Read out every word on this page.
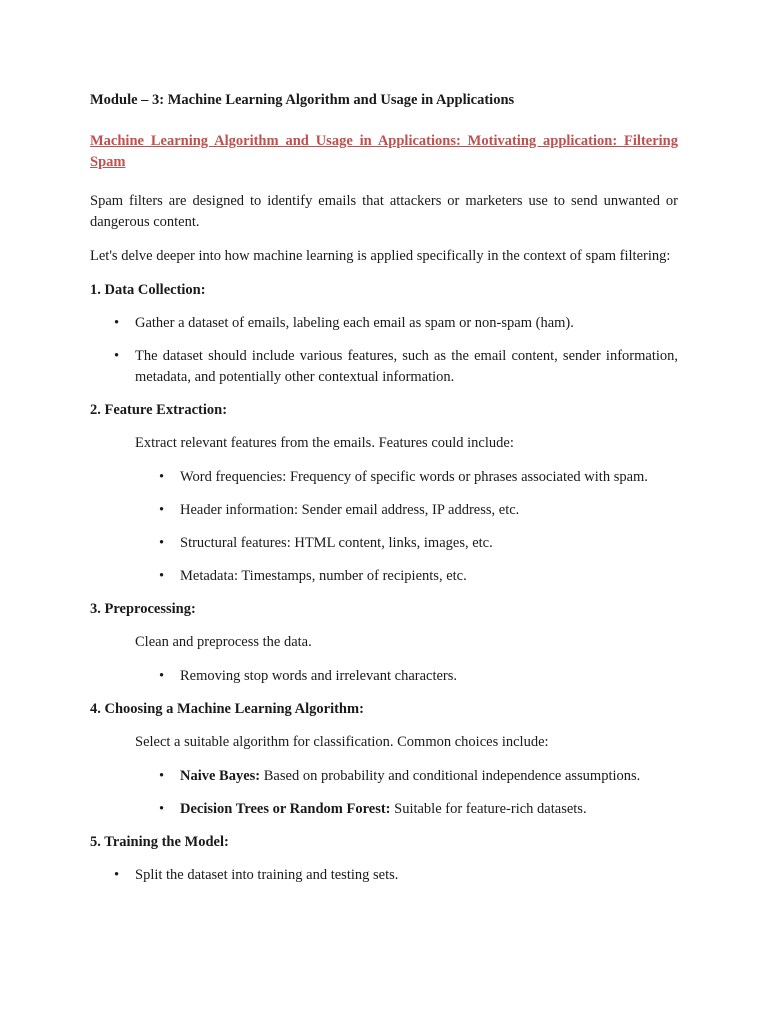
Module – 3: Machine Learning Algorithm and Usage in Applications
Machine Learning Algorithm and Usage in Applications: Motivating application: Filtering Spam

Spam filters are designed to identify emails that attackers or marketers use to send unwanted or dangerous content.

Let's delve deeper into how machine learning is applied specifically in the context of spam filtering:

1. Data Collection:
• Gather a dataset of emails, labeling each email as spam or non-spam (ham).
• The dataset should include various features, such as the email content, sender information, metadata, and potentially other contextual information.
2. Feature Extraction:

Extract relevant features from the emails. Features could include:

• Word frequencies: Frequency of specific words or phrases associated with spam.
• Header information: Sender email address, IP address, etc.
• Structural features: HTML content, links, images, etc.
• Metadata: Timestamps, number of recipients, etc.
3. Preprocessing:

Clean and preprocess the data.

• Removing stop words and irrelevant characters.
4. Choosing a Machine Learning Algorithm:

Select a suitable algorithm for classification. Common choices include:

• Naive Bayes: Based on probability and conditional independence assumptions.
• Decision Trees or Random Forest: Suitable for feature-rich datasets.
5. Training the Model:
• Split the dataset into training and testing sets.
